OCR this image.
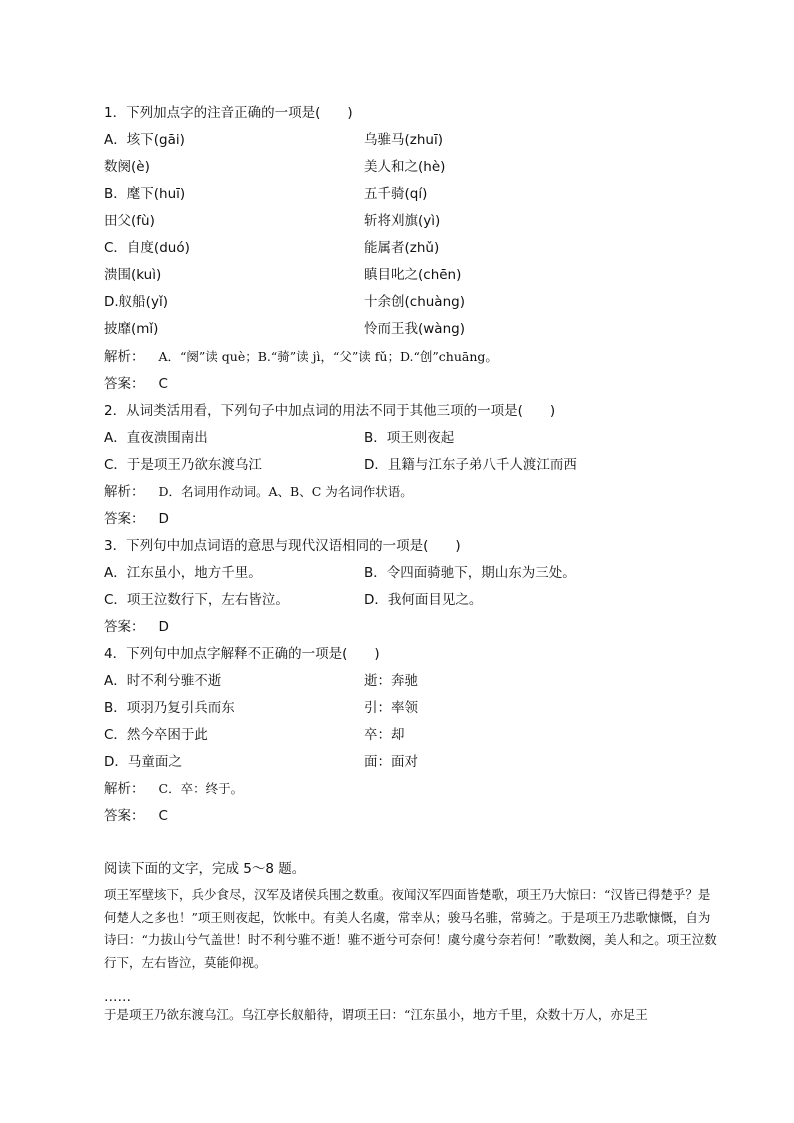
1．下列加点字的注音正确的一项是(　　)
A．垓下(gāi)	乌骓马(zhuī)
数阕(è)	美人和之(hè)
B．麾下(huī)	五千骑(qí)
田父(fù)	斩将刈旗(yì)
C．自度(duó)	能属者(zhǔ)
溃围(kuì)	瞋目叱之(chēn)
D.舣船(yǐ)	十余创(chuàng)
披靡(mǐ)	怜而王我(wàng)
解析： A．“阕”读 què；B.“骑”读 jì，“父”读 fǔ；D.“创”chuāng。
答案： C
2．从词类活用看，下列句子中加点词的用法不同于其他三项的一项是(　　)
A．直夜溃围南出	B．项王则夜起
C．于是项王乃欲东渡乌江	D．且籍与江东子弟八千人渡江而西
解析： D．名词用作动词。A、B、C 为名词作状语。
答案： D
3．下列句中加点词语的意思与现代汉语相同的一项是(　　)
A．江东虽小，地方千里。	B．令四面骑驰下，期山东为三处。
C．项王泣数行下，左右皆泣。	D．我何面目见之。
答案： D
4．下列句中加点字解释不正确的一项是(　　)
A．时不利兮骓不逝	逝：奔驰
B．项羽乃复引兵而东	引：率领
C．然今卒困于此	卒：却
D．马童面之	面：面对
解析： C．卒：终于。
答案： C
阅读下面的文字，完成 5～8 题。
项王军壁垓下，兵少食尽，汉军及诸侯兵围之数重。夜闻汉军四面皆楚歌，项王乃大惊曰：“汉皆已得楚乎？是何楚人之多也！”项王则夜起，饮帐中。有美人名虞，常幸从；骏马名骓，常骑之。于是项王乃悲歌慷慨，自为诗曰：“力拔山兮气盖世！时不利兮骓不逝！骓不逝兮可奈何！虞兮虞兮奈若何！”歌数阕，美人和之。项王泣数行下，左右皆泣，莫能仰视。
……
于是项王乃欲东渡乌江。乌江亭长舣船待，谓项王曰：“江东虽小，地方千里，众数十万人，亦足王
